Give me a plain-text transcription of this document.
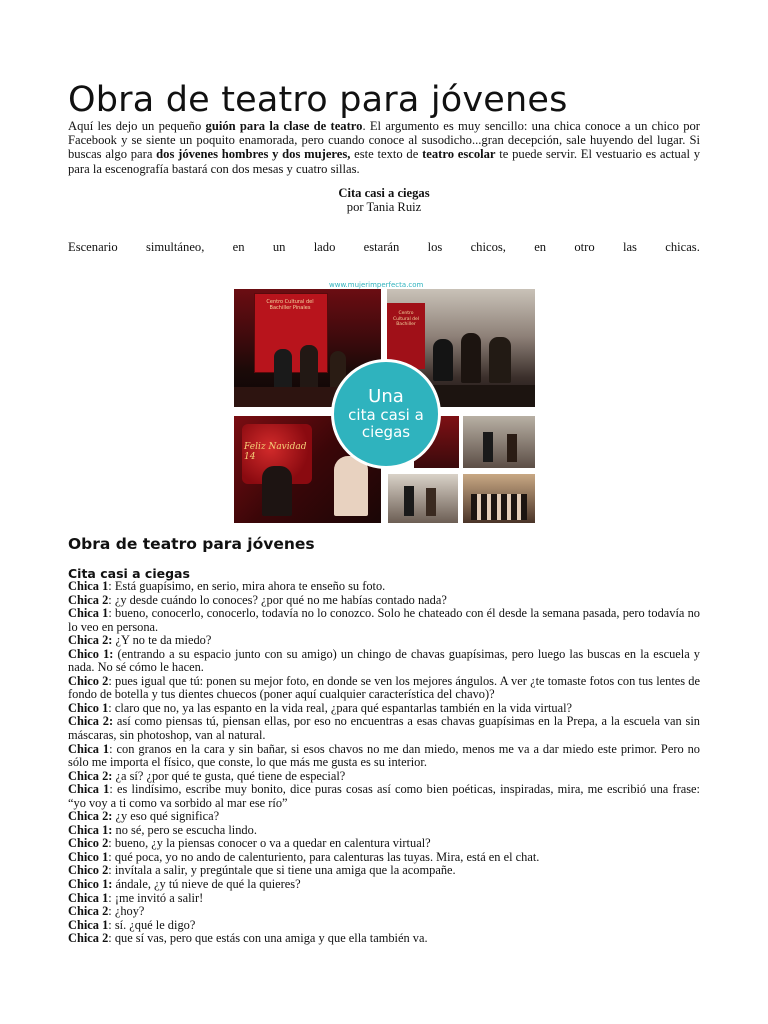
Obra de teatro para jóvenes
Aquí les dejo un pequeño guión para la clase de teatro. El argumento es muy sencillo: una chica conoce a un chico por Facebook y se siente un poquito enamorada, pero cuando conoce al susodicho...gran decepción, sale huyendo del lugar. Si buscas algo para dos jóvenes hombres y dos mujeres, este texto de teatro escolar te puede servir. El vestuario es actual y para la escenografía bastará con dos mesas y cuatro sillas.
Cita casi a ciegas
por Tania Ruiz
Escenario simultáneo, en un lado estarán los chicos, en otro las chicas.
Centro Cultural del Bachiller Pinales
Centro Cultural del Bachiller
Feliz Navidad 14
www.mujerimperfecta.com
Una
cita casi a
ciegas
Obra de teatro para jóvenes
Cita casi a ciegas

Chica 1: Está guapísimo, en serio, mira ahora te enseño su foto.

Chica 2: ¿y desde cuándo lo conoces? ¿por qué no me habías contado nada?

Chica 1: bueno, conocerlo, conocerlo, todavía no lo conozco. Solo he chateado con él desde la semana pasada, pero todavía no lo veo en persona.

Chica 2: ¿Y no te da miedo?

Chico 1: (entrando a su espacio junto con su amigo) un chingo de chavas guapísimas, pero luego las buscas en la escuela y nada. No sé cómo le hacen.

Chico 2: pues igual que tú: ponen su mejor foto, en donde se ven los mejores ángulos. A ver ¿te tomaste fotos con tus lentes de fondo de botella y tus dientes chuecos (poner aquí cualquier característica del chavo)?

Chico 1: claro que no, ya las espanto en la vida real, ¿para qué espantarlas también en la vida virtual?

Chica 2: así como piensas tú, piensan ellas, por eso no encuentras a esas chavas guapísimas en la Prepa, a la escuela van sin máscaras, sin photoshop, van al natural.

Chica 1: con granos en la cara y sin bañar, si esos chavos no me dan miedo, menos me va a dar miedo este primor. Pero no sólo me importa el físico, que conste, lo que más me gusta es su interior.

Chica 2: ¿a sí? ¿por qué te gusta, qué tiene de especial?

Chica 1: es lindísimo, escribe muy bonito, dice puras cosas así como bien poéticas, inspiradas, mira, me escribió una frase: “yo voy a ti como va sorbido al mar ese río”

Chica 2: ¿y eso qué significa?

Chica 1: no sé, pero se escucha lindo.

Chico 2: bueno, ¿y la piensas conocer o va a quedar en calentura virtual?

Chico 1: qué poca, yo no ando de calenturiento, para calenturas las tuyas. Mira, está en el chat.

Chico 2: invítala a salir, y pregúntale que si tiene una amiga que la acompañe.

Chico 1: ándale, ¿y tú nieve de qué la quieres?

Chica 1: ¡me invitó a salir!

Chica 2: ¿hoy?

Chica 1: sí. ¿qué le digo?

Chica 2: que sí vas, pero que estás con una amiga y que ella también va.
